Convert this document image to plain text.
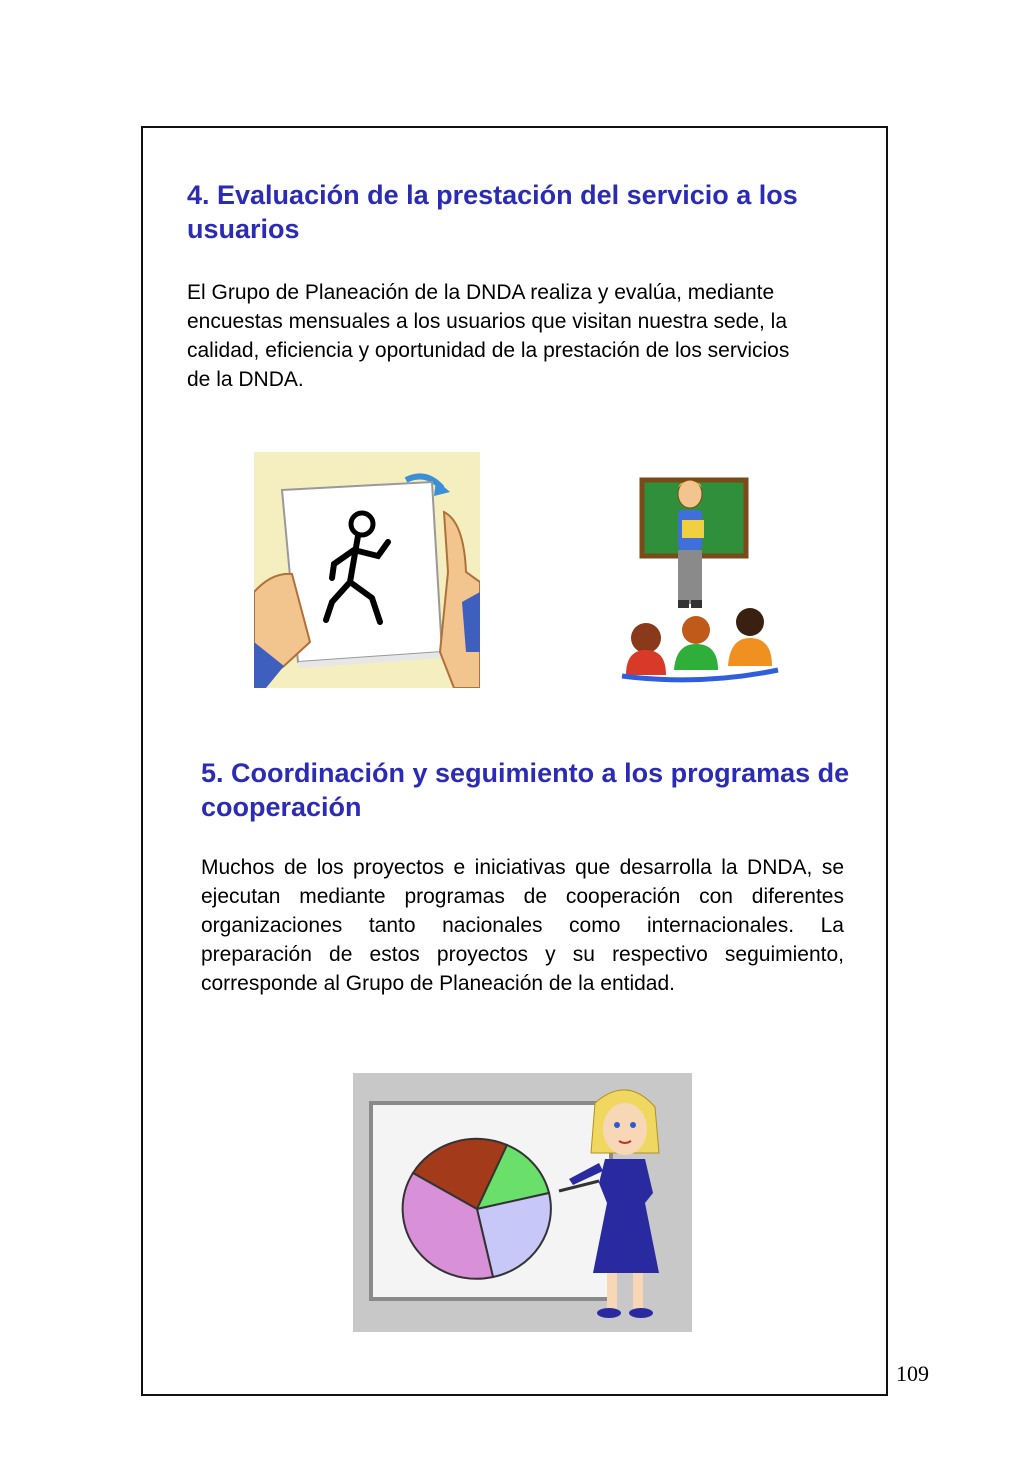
4. Evaluación de la prestación del servicio a los usuarios

El Grupo de Planeación de la DNDA realiza y evalúa, mediante encuestas mensuales a los usuarios que visitan nuestra sede, la calidad, eficiencia y oportunidad de la prestación de los servicios de la DNDA.

5. Coordinación y seguimiento a los programas de cooperación

Muchos de los proyectos e iniciativas que desarrolla la DNDA, se ejecutan mediante programas de cooperación con diferentes organizaciones tanto nacionales como internacionales. La preparación de estos proyectos y su respectivo seguimiento, corresponde al Grupo de Planeación de la entidad.

109
